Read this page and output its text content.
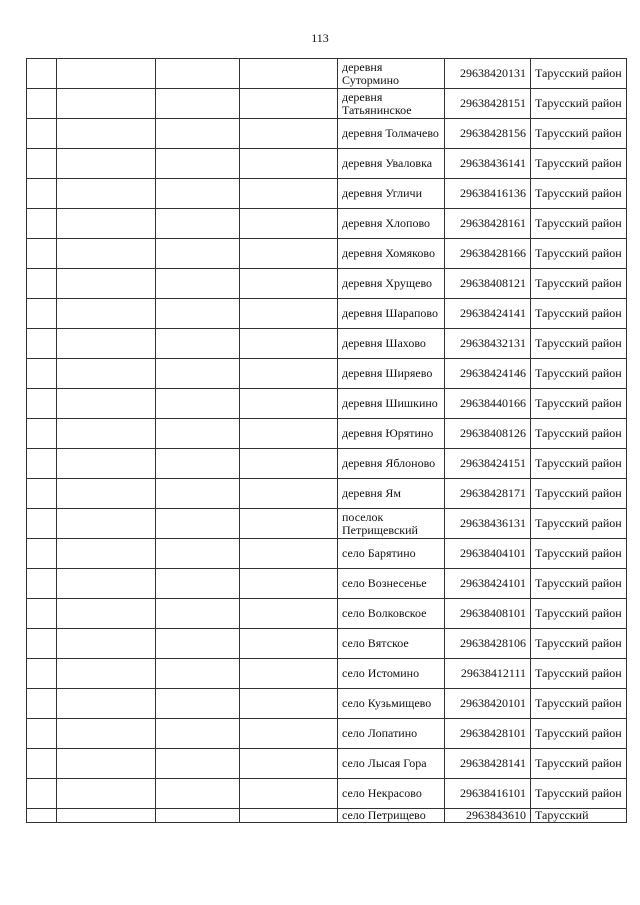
113
				деревня Сутормино	29638420131	Тарусский район
				деревня Татьянинское	29638428151	Тарусский район
				деревня Толмачево	29638428156	Тарусский район
				деревня Уваловка	29638436141	Тарусский район
				деревня Угличи	29638416136	Тарусский район
				деревня Хлопово	29638428161	Тарусский район
				деревня Хомяково	29638428166	Тарусский район
				деревня Хрущево	29638408121	Тарусский район
				деревня Шарапово	29638424141	Тарусский район
				деревня Шахово	29638432131	Тарусский район
				деревня Ширяево	29638424146	Тарусский район
				деревня Шишкино	29638440166	Тарусский район
				деревня Юрятино	29638408126	Тарусский район
				деревня Яблоново	29638424151	Тарусский район
				деревня Ям	29638428171	Тарусский район
				поселок Петрищевский	29638436131	Тарусский район
				село Барятино	29638404101	Тарусский район
				село Вознесенье	29638424101	Тарусский район
				село Волковское	29638408101	Тарусский район
				село Вятское	29638428106	Тарусский район
				село Истомино	29638412111	Тарусский район
				село Кузьмищево	29638420101	Тарусский район
				село Лопатино	29638428101	Тарусский район
				село Лысая Гора	29638428141	Тарусский район
				село Некрасово	29638416101	Тарусский район
				село Петрищево	2963843610	Тарусский
